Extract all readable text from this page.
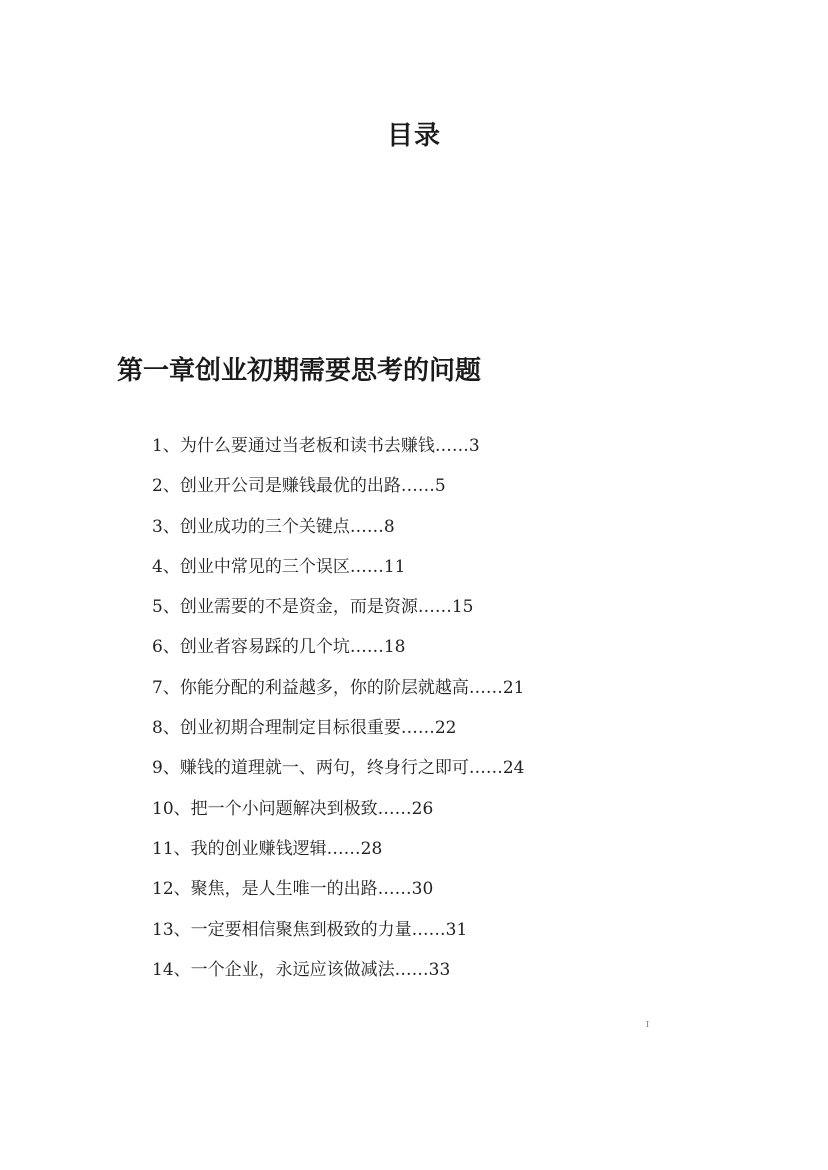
目录
第一章创业初期需要思考的问题
1、为什么要通过当老板和读书去赚钱……3
2、创业开公司是赚钱最优的出路……5
3、创业成功的三个关键点……8
4、创业中常见的三个误区……11
5、创业需要的不是资金，而是资源……15
6、创业者容易踩的几个坑……18
7、你能分配的利益越多，你的阶层就越高……21
8、创业初期合理制定目标很重要……22
9、赚钱的道理就一、两句，终身行之即可……24
10、把一个小问题解决到极致……26
11、我的创业赚钱逻辑……28
12、聚焦，是人生唯一的出路……30
13、一定要相信聚焦到极致的力量……31
14、一个企业，永远应该做减法……33
I
